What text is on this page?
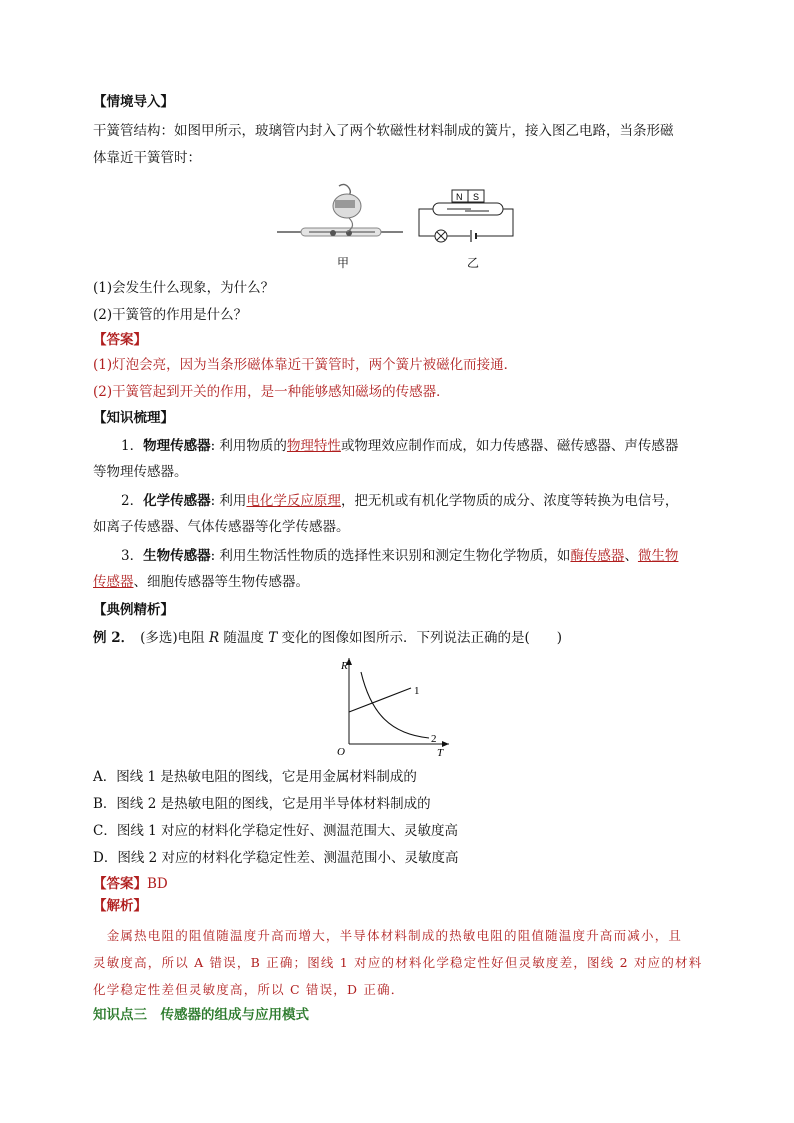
【情境导入】
干簧管结构：如图甲所示，玻璃管内封入了两个软磁性材料制成的簧片，接入图乙电路，当条形磁
体靠近干簧管时：
甲
N S
乙
(1)会发生什么现象，为什么？
(2)干簧管的作用是什么？
【答案】
(1)灯泡会亮，因为当条形磁体靠近干簧管时，两个簧片被磁化而接通．
(2)干簧管起到开关的作用，是一种能够感知磁场的传感器．
【知识梳理】
1．物理传感器: 利用物质的物理特性或物理效应制作而成，如力传感器、磁传感器、声传感器
等物理传感器。
2．化学传感器: 利用电化学反应原理，把无机或有机化学物质的成分、浓度等转换为电信号，
如离子传感器、气体传感器等化学传感器。
3．生物传感器: 利用生物活性物质的选择性来识别和测定生物化学物质，如酶传感器、微生物
传感器、细胞传感器等生物传感器。
【典例精析】
例 2． (多选)电阻 R 随温度 T 变化的图像如图所示．下列说法正确的是(　　)
R
T
O
1
2
A．图线 1 是热敏电阻的图线，它是用金属材料制成的
B．图线 2 是热敏电阻的图线，它是用半导体材料制成的
C．图线 1 对应的材料化学稳定性好、测温范围大、灵敏度高
D．图线 2 对应的材料化学稳定性差、测温范围小、灵敏度高
【答案】BD
【解析】
　金属热电阻的阻值随温度升高而增大，半导体材料制成的热敏电阻的阻值随温度升高而减小，且
灵敏度高，所以 A 错误，B 正确；图线 1 对应的材料化学稳定性好但灵敏度差，图线 2 对应的材料
化学稳定性差但灵敏度高，所以 C 错误，D 正确．
知识点三　传感器的组成与应用模式
